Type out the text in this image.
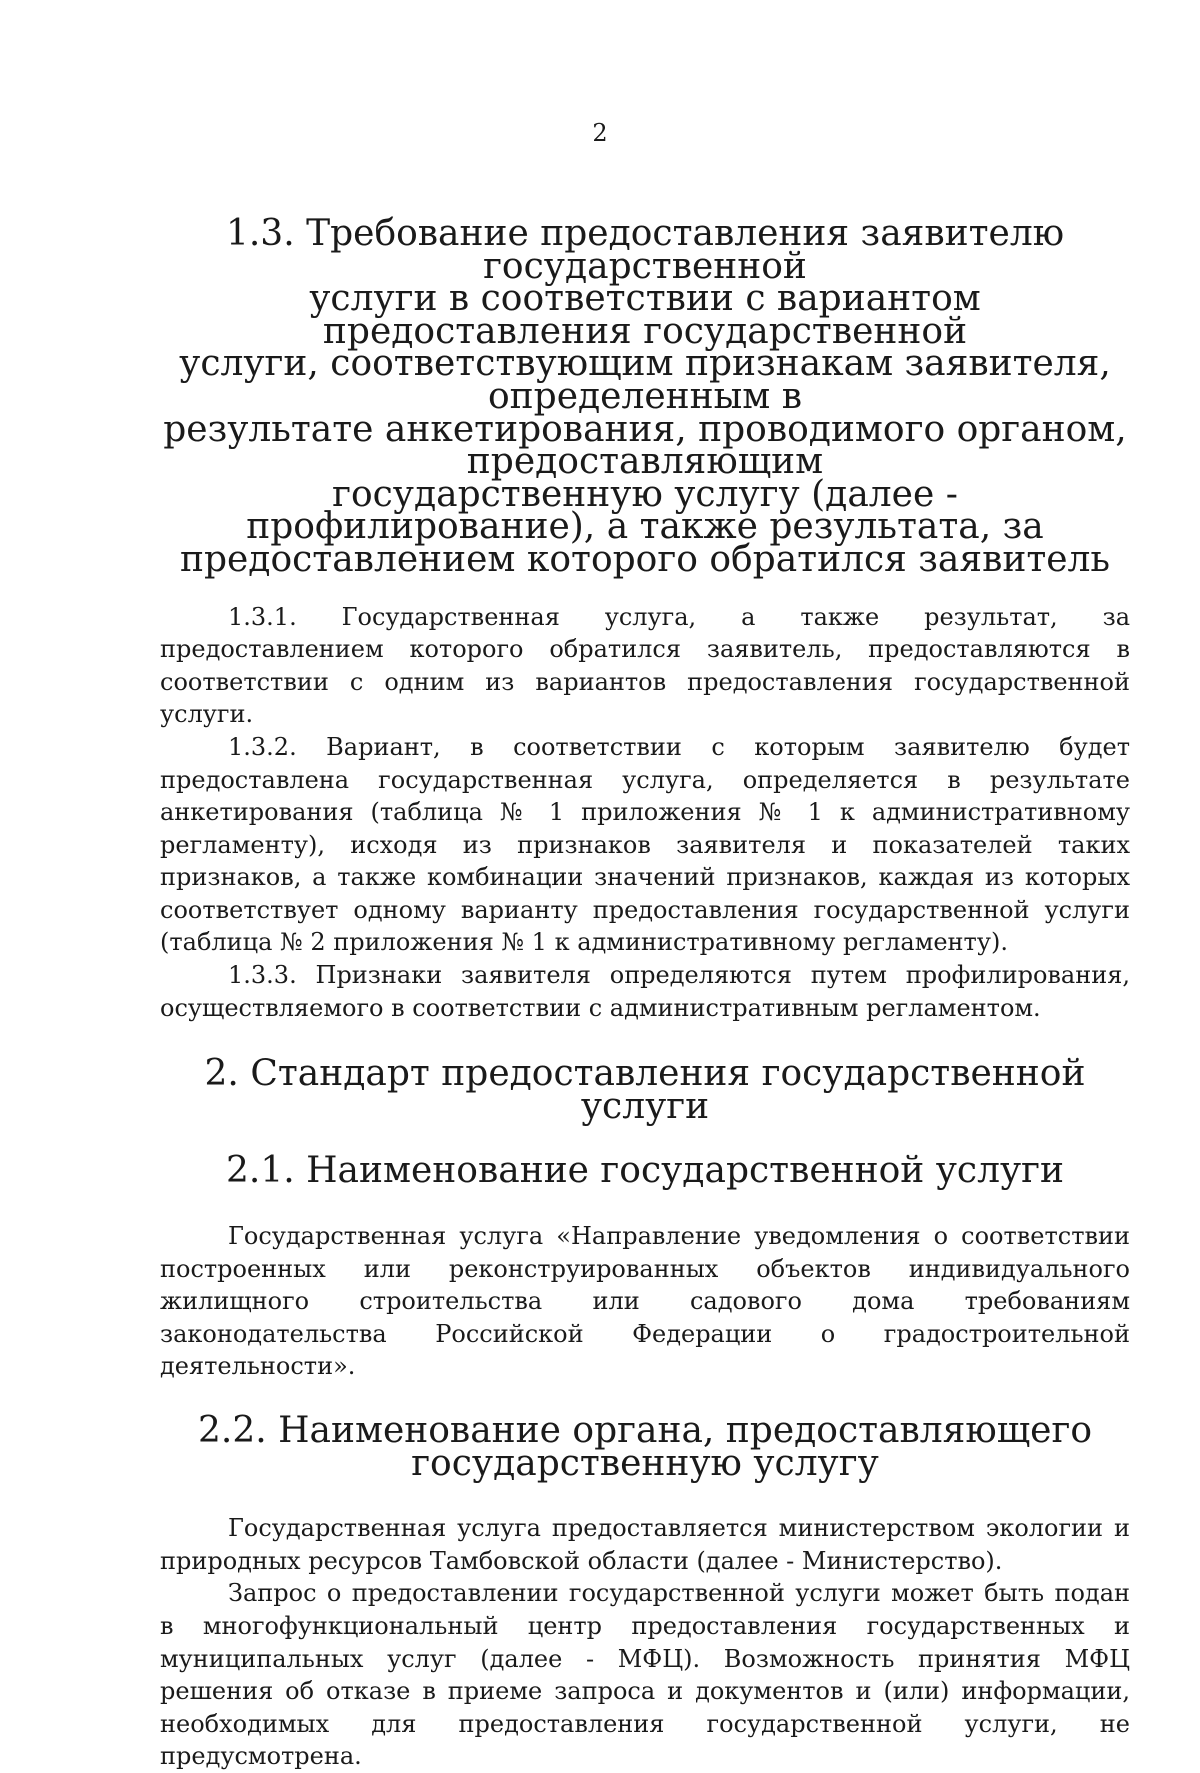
2
1.3. Требование предоставления заявителю государственной
услуги в соответствии с вариантом предоставления государственной
услуги, соответствующим признакам заявителя, определенным в
результате анкетирования, проводимого органом, предоставляющим
государственную услугу (далее - профилирование), а также результата, за
предоставлением которого обратился заявитель

1.3.1. Государственная услуга, а также результат, за предоставлением которого обратился заявитель, предоставляются в соответствии с одним из вариантов предоставления государственной услуги.

1.3.2. Вариант, в соответствии с которым заявителю будет предоставлена государственная услуга, определяется в результате анкетирования (таблица № 1 приложения № 1 к административному регламенту), исходя из признаков заявителя и показателей таких признаков, а также комбинации значений признаков, каждая из которых соответствует одному варианту предоставления государственной услуги (таблица № 2 приложения № 1 к административному регламенту).

1.3.3. Признаки заявителя определяются путем профилирования, осуществляемого в соответствии с административным регламентом.

2. Стандарт предоставления государственной услуги
2.1. Наименование государственной услуги

Государственная услуга «Направление уведомления о соответствии построенных или реконструированных объектов индивидуального жилищного строительства или садового дома требованиям законодательства Российской Федерации о градостроительной деятельности».

2.2. Наименование органа, предоставляющего
государственную услугу

Государственная услуга предоставляется министерством экологии и природных ресурсов Тамбовской области (далее - Министерство).

Запрос о предоставлении государственной услуги может быть подан в многофункциональный центр предоставления государственных и муниципальных услуг (далее - МФЦ). Возможность принятия МФЦ решения об отказе в приеме запроса и документов и (или) информации, необходимых для предоставления государственной услуги, не предусмотрена.
